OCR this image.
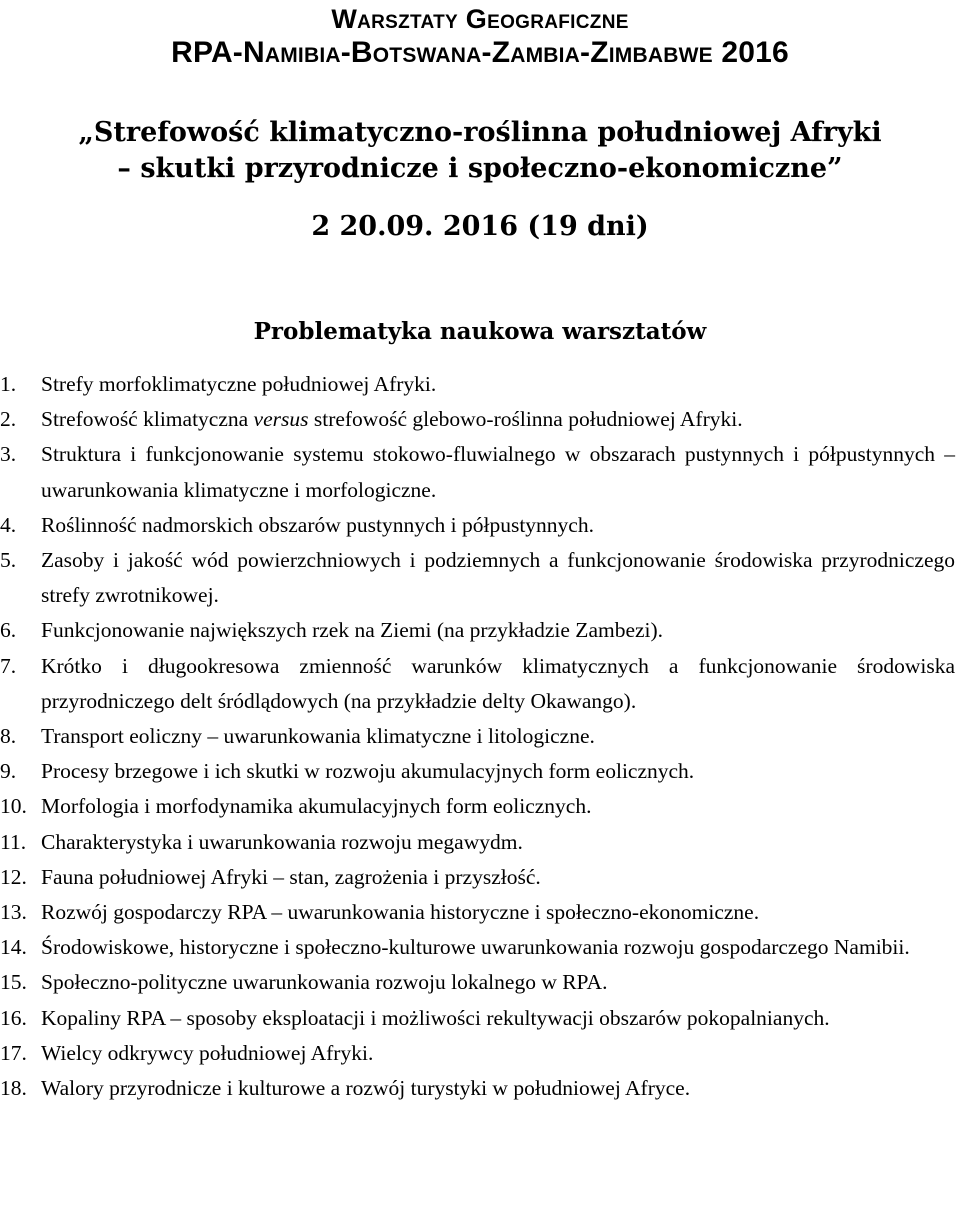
Warsztaty Geograficzne
RPA-Namibia-Botswana-Zambia-Zimbabwe 2016
„Strefowość klimatyczno-roślinna południowej Afryki
– skutki przyrodnicze i społeczno-ekonomiczne”
2 20.09. 2016 (19 dni)
Problematyka naukowa warsztatów
1.	Strefy morfoklimatyczne południowej Afryki.
2.	Strefowość klimatyczna versus strefowość glebowo-roślinna południowej Afryki.
3.	Struktura i funkcjonowanie systemu stokowo-fluwialnego w obszarach pustynnych i półpustynnych – uwarunkowania klimatyczne i morfologiczne.
4.	Roślinność nadmorskich obszarów pustynnych i półpustynnych.
5.	Zasoby i jakość wód powierzchniowych i podziemnych a funkcjonowanie środowiska przyrodniczego strefy zwrotnikowej.
6.	Funkcjonowanie największych rzek na Ziemi (na przykładzie Zambezi).
7.	Krótko i długookresowa zmienność warunków klimatycznych a funkcjonowanie środowiska przyrodniczego delt śródlądowych (na przykładzie delty Okawango).
8.	Transport eoliczny – uwarunkowania klimatyczne i litologiczne.
9.	Procesy brzegowe i ich skutki w rozwoju akumulacyjnych form eolicznych.
10. Morfologia i morfodynamika akumulacyjnych form eolicznych.
11. Charakterystyka i uwarunkowania rozwoju megawydm.
12. Fauna południowej Afryki – stan, zagrożenia i przyszłość.
13. Rozwój gospodarczy RPA – uwarunkowania historyczne i społeczno-ekonomiczne.
14. Środowiskowe, historyczne i społeczno-kulturowe uwarunkowania rozwoju gospodarczego Namibii.
15. Społeczno-polityczne uwarunkowania rozwoju lokalnego w RPA.
16. Kopaliny RPA – sposoby eksploatacji i możliwości rekultywacji obszarów pokopalnianych.
17. Wielcy odkrywcy południowej Afryki.
18. Walory przyrodnicze i kulturowe a rozwój turystyki w południowej Afryce.
